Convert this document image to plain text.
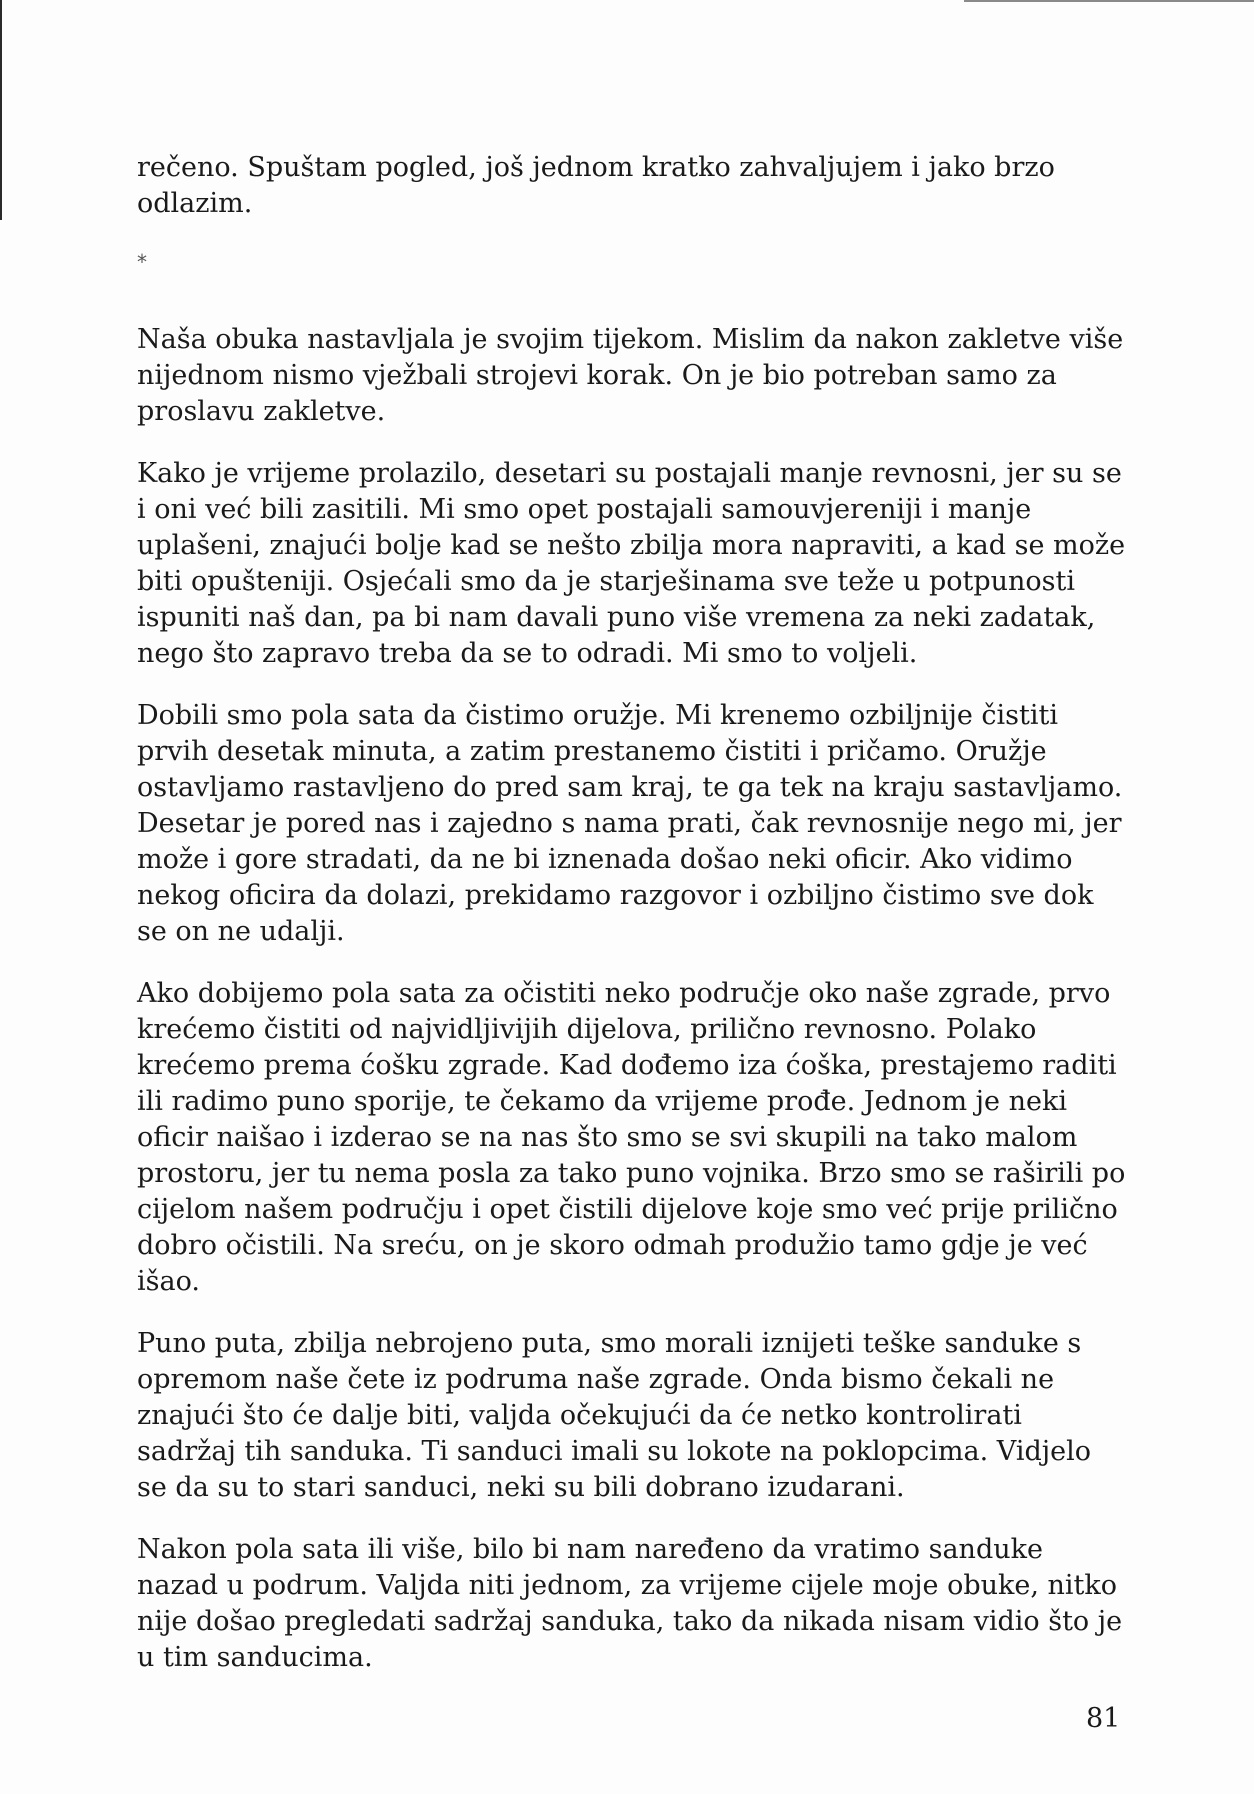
rečeno. Spuštam pogled, još jednom kratko zahvaljujem i jako brzo odlazim.

*

Naša obuka nastavljala je svojim tijekom. Mislim da nakon zakletve više nijednom nismo vježbali strojevi korak. On je bio potreban samo za proslavu zakletve.

Kako je vrijeme prolazilo, desetari su postajali manje revnosni, jer su se i oni već bili zasitili. Mi smo opet postajali samouvjereniji i manje uplašeni, znajući bolje kad se nešto zbilja mora napraviti, a kad se može biti opušteniji. Osjećali smo da je starješinama sve teže u potpunosti ispuniti naš dan, pa bi nam davali puno više vremena za neki zadatak, nego što zapravo treba da se to odradi. Mi smo to voljeli.

Dobili smo pola sata da čistimo oružje. Mi krenemo ozbiljnije čistiti prvih desetak minuta, a zatim prestanemo čistiti i pričamo. Oružje ostavljamo rastavljeno do pred sam kraj, te ga tek na kraju sastavljamo. Desetar je pored nas i zajedno s nama prati, čak revnosnije nego mi, jer može i gore stradati, da ne bi iznenada došao neki oficir. Ako vidimo nekog oficira da dolazi, prekidamo razgovor i ozbiljno čistimo sve dok se on ne udalji.

Ako dobijemo pola sata za očistiti neko područje oko naše zgrade, prvo krećemo čistiti od najvidljivijih dijelova, prilično revnosno. Polako krećemo prema ćošku zgrade. Kad dođemo iza ćoška, prestajemo raditi ili radimo puno sporije, te čekamo da vrijeme prođe. Jednom je neki oficir naišao i izderao se na nas što smo se svi skupili na tako malom prostoru, jer tu nema posla za tako puno vojnika. Brzo smo se raširili po cijelom našem području i opet čistili dijelove koje smo već prije prilično dobro očistili. Na sreću, on je skoro odmah produžio tamo gdje je već išao.

Puno puta, zbilja nebrojeno puta, smo morali iznijeti teške sanduke s opremom naše čete iz podruma naše zgrade. Onda bismo čekali ne znajući što će dalje biti, valjda očekujući da će netko kontrolirati sadržaj tih sanduka. Ti sanduci imali su lokote na poklopcima. Vidjelo se da su to stari sanduci, neki su bili dobrano izudarani.

Nakon pola sata ili više, bilo bi nam naređeno da vratimo sanduke nazad u podrum. Valjda niti jednom, za vrijeme cijele moje obuke, nitko nije došao pregledati sadržaj sanduka, tako da nikada nisam vidio što je u tim sanducima.

81
